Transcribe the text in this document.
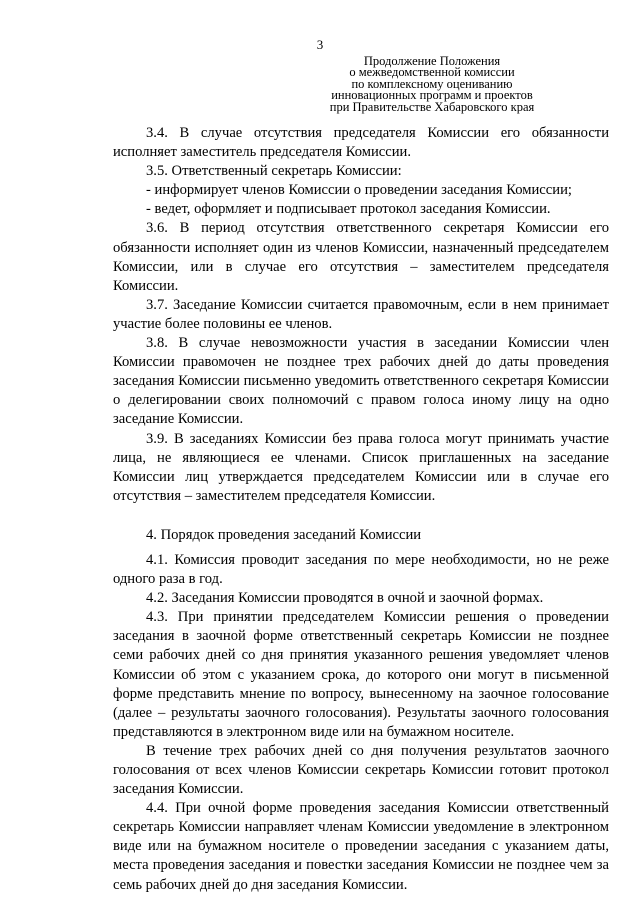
3
Продолжение Положения
о межведомственной комиссии
по комплексному оцениванию
инновационных программ и проектов
при Правительстве Хабаровского края

3.4. В случае отсутствия председателя Комиссии его обязанности исполняет заместитель председателя Комиссии.

3.5. Ответственный секретарь Комиссии:

- информирует членов Комиссии о проведении заседания Комиссии;

- ведет, оформляет и подписывает протокол заседания Комиссии.

3.6. В период отсутствия ответственного секретаря Комиссии его обязанности исполняет один из членов Комиссии, назначенный председателем Комиссии, или в случае его отсутствия – заместителем председателя Комиссии.

3.7. Заседание Комиссии считается правомочным, если в нем принимает участие более половины ее членов.

3.8. В случае невозможности участия в заседании Комиссии член Комиссии правомочен не позднее трех рабочих дней до даты проведения заседания Комиссии письменно уведомить ответственного секретаря Комиссии о делегировании своих полномочий с правом голоса иному лицу на одно заседание Комиссии.

3.9. В заседаниях Комиссии без права голоса могут принимать участие лица, не являющиеся ее членами. Список приглашенных на заседание Комиссии лиц утверждается председателем Комиссии или в случае его отсутствия – заместителем председателя Комиссии.

4. Порядок проведения заседаний Комиссии

4.1. Комиссия проводит заседания по мере необходимости, но не реже одного раза в год.

4.2. Заседания Комиссии проводятся в очной и заочной формах.

4.3. При принятии председателем Комиссии решения о проведении заседания в заочной форме ответственный секретарь Комиссии не позднее семи рабочих дней со дня принятия указанного решения уведомляет членов Комиссии об этом с указанием срока, до которого они могут в письменной форме представить мнение по вопросу, вынесенному на заочное голосование (далее – результаты заочного голосования). Результаты заочного голосования представляются в электронном виде или на бумажном носителе.

В течение трех рабочих дней со дня получения результатов заочного голосования от всех членов Комиссии секретарь Комиссии готовит протокол заседания Комиссии.

4.4. При очной форме проведения заседания Комиссии ответственный секретарь Комиссии направляет членам Комиссии уведомление в электронном виде или на бумажном носителе о проведении заседания с указанием даты, места проведения заседания и повестки заседания Комиссии не позднее чем за семь рабочих дней до дня заседания Комиссии.
